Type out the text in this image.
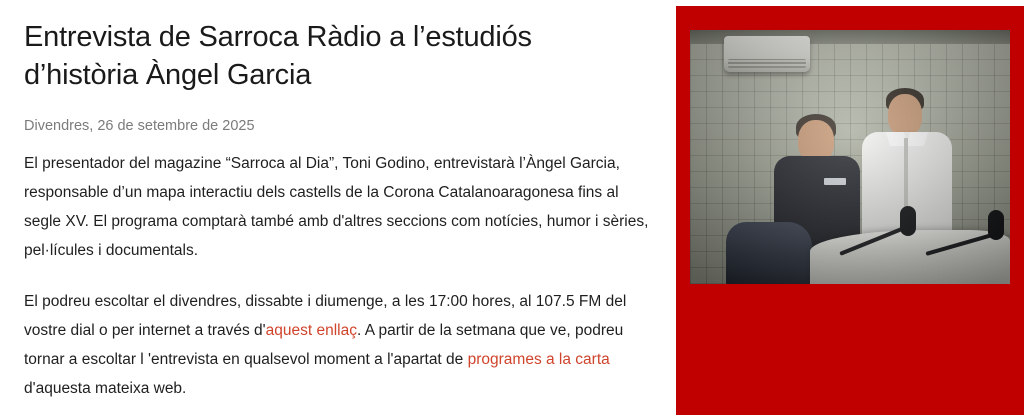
Entrevista de Sarroca Ràdio a l’estudiós d’història Àngel Garcia
Divendres, 26 de setembre de 2025

El presentador del magazine “Sarroca al Dia”, Toni Godino, entrevistarà l’Àngel Garcia, responsable d’un mapa interactiu dels castells de la Corona Catalanoaragonesa fins al segle XV. El programa comptarà també amb d'altres seccions com notícies, humor i sèries, pel·lícules i documentals.

El podreu escoltar el divendres, dissabte i diumenge, a les 17:00 hores, al 107.5 FM del vostre dial o per internet a través d'aquest enllaç. A partir de la setmana que ve, podreu tornar a escoltar l 'entrevista en qualsevol moment a l'apartat de programes a la carta d'aquesta mateixa web.
